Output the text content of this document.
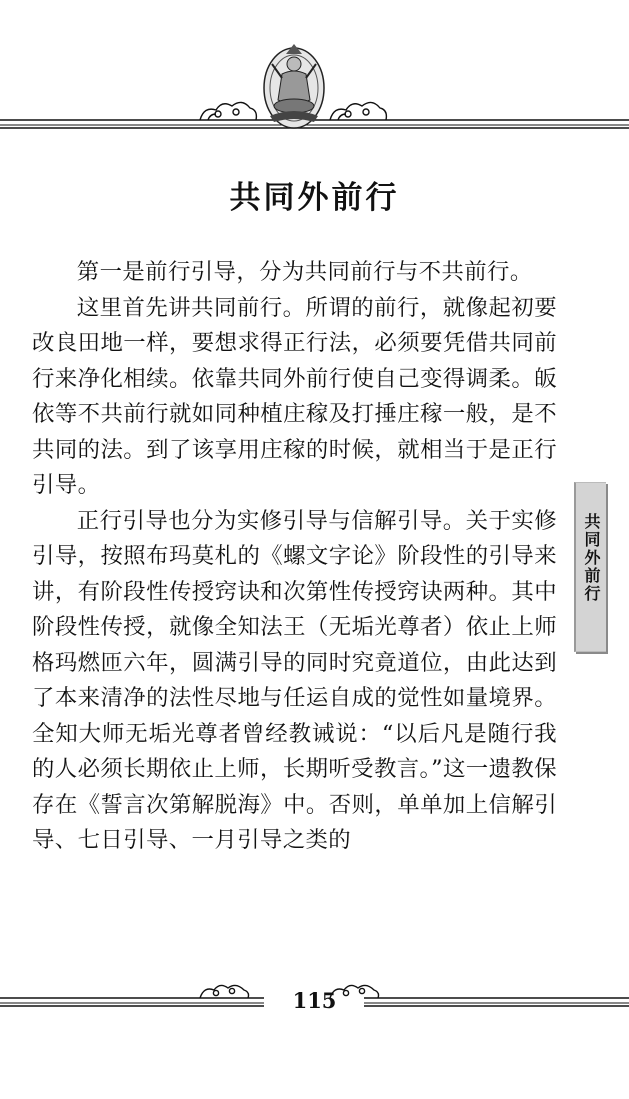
共同外前行

第一是前行引导，分为共同前行与不共前行。

这里首先讲共同前行。所谓的前行，就像起初要改良田地一样，要想求得正行法，必须要凭借共同前行来净化相续。依靠共同外前行使自己变得调柔。皈依等不共前行就如同种植庄稼及打捶庄稼一般，是不共同的法。到了该享用庄稼的时候，就相当于是正行引导。

正行引导也分为实修引导与信解引导。关于实修引导，按照布玛莫札的《螺文字论》阶段性的引导来讲，有阶段性传授窍诀和次第性传授窍诀两种。其中阶段性传授，就像全知法王（无垢光尊者）依止上师格玛燃匝六年，圆满引导的同时究竟道位，由此达到了本来清净的法性尽地与任运自成的觉性如量境界。全知大师无垢光尊者曾经教诫说：“以后凡是随行我的人必须长期依止上师，长期听受教言。”这一遗教保存在《誓言次第解脱海》中。否则，单单加上信解引导、七日引导、一月引导之类的

共同外前行
115
